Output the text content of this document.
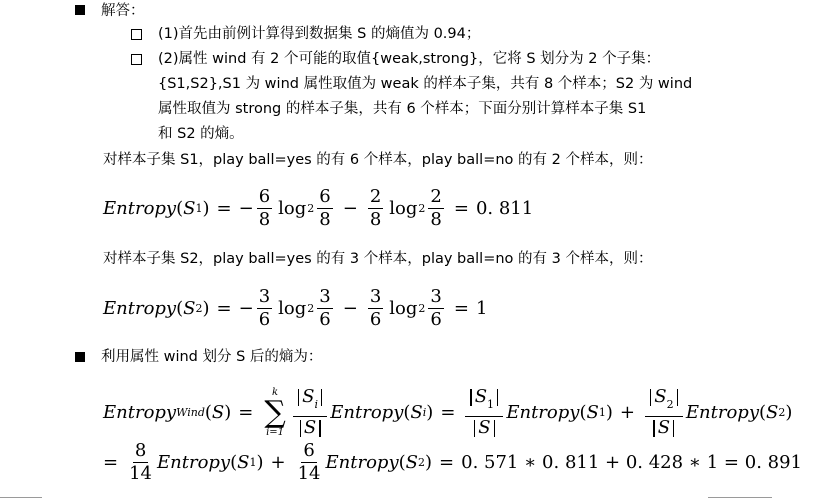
解答：
(1)首先由前例计算得到数据集 S 的熵值为 0.94；
(2)属性 wind 有 2 个可能的取值{weak,strong}，它将 S 划分为 2 个子集：
{S1,S2},S1 为 wind 属性取值为 weak 的样本子集，共有 8 个样本；S2 为 wind
属性取值为 strong 的样本子集，共有 6 个样本；下面分别计算样本子集 S1
和 S2 的熵。
对样本子集 S1，play ball=yes 的有 6 个样本，play ball=no 的有 2 个样本，则：
Entropy ( S 1 ) = − $\frac{6}{8}$ $\log 2 \frac{6}{8} - \frac{2}{8}$ $\log 2 \frac{2}{8} = 0$. 811
对样本子集 S2，play ball=yes 的有 3 个样本，play ball=no 的有 3 个样本，则：
Entropy ( S 2 ) = − $\frac{3}{6}$ $\log 2 \frac{3}{6} - \frac{3}{6}$ $\log 2 \frac{3}{6} = 1$
利用属性 wind 划分 S 后的熵为：
Entropy Wind ( S ) =
k
∑
$i=1 \frac{S_i}{S}$ Entropy ( S i ) = $\frac{S_1}{S}$ Entropy ( S 1 ) + $\frac{S_2}{S}$ Entropy ( S 2 )
= $\frac{8}{14}$ Entropy ( S 1 ) + $\frac{6}{14}$ Entropy ( S 2 ) = 0. 571 ∗ 0. 811 + 0. 428 ∗ 1 = 0. 891
